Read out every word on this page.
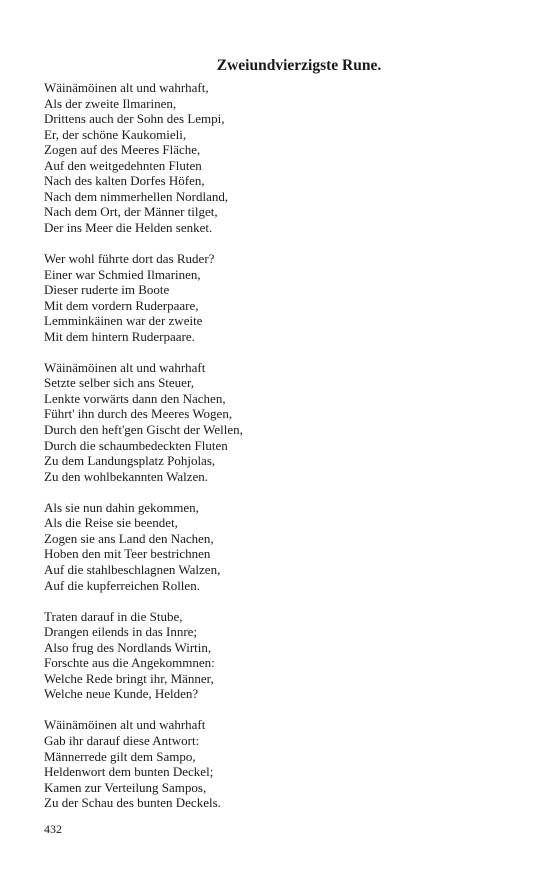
Zweiundvierzigste Rune.
Wäinämöinen alt und wahrhaft,
Als der zweite Ilmarinen,
Drittens auch der Sohn des Lempi,
Er, der schöne Kaukomieli,
Zogen auf des Meeres Fläche,
Auf den weitgedehnten Fluten
Nach des kalten Dorfes Höfen,
Nach dem nimmerhellen Nordland,
Nach dem Ort, der Männer tilget,
Der ins Meer die Helden senket.
Wer wohl führte dort das Ruder?
Einer war Schmied Ilmarinen,
Dieser ruderte im Boote
Mit dem vordern Ruderpaare,
Lemminkäinen war der zweite
Mit dem hintern Ruderpaare.
Wäinämöinen alt und wahrhaft
Setzte selber sich ans Steuer,
Lenkte vorwärts dann den Nachen,
Führt' ihn durch des Meeres Wogen,
Durch den heft'gen Gischt der Wellen,
Durch die schaumbedeckten Fluten
Zu dem Landungsplatz Pohjolas,
Zu den wohlbekannten Walzen.
Als sie nun dahin gekommen,
Als die Reise sie beendet,
Zogen sie ans Land den Nachen,
Hoben den mit Teer bestrichnen
Auf die stahlbeschlagnen Walzen,
Auf die kupferreichen Rollen.
Traten darauf in die Stube,
Drangen eilends in das Innre;
Also frug des Nordlands Wirtin,
Forschte aus die Angekommnen:
Welche Rede bringt ihr, Männer,
Welche neue Kunde, Helden?
Wäinämöinen alt und wahrhaft
Gab ihr darauf diese Antwort:
Männerrede gilt dem Sampo,
Heldenwort dem bunten Deckel;
Kamen zur Verteilung Sampos,
Zu der Schau des bunten Deckels.
432
